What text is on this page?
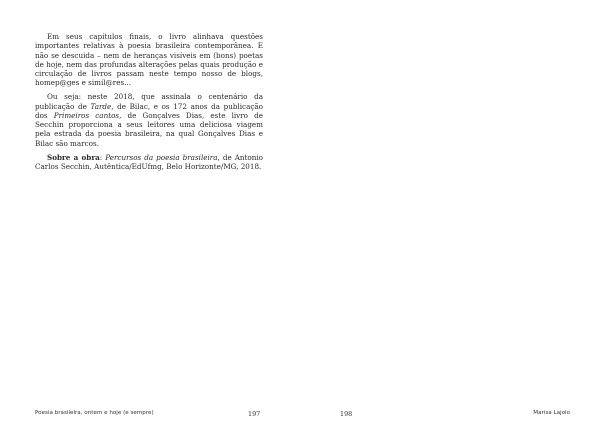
Em seus capítulos finais, o livro alinhava questões importantes relativas à poesia brasileira contemporânea. E não se descuida – nem de heranças visíveis em (bons) poetas de hoje, nem das profundas alterações pelas quais produção e circulação de livros passam neste tempo nosso de blogs, homep@ges e simil@res...

Ou seja: neste 2018, que assinala o centenário da publicação de Tarde, de Bilac, e os 172 anos da publicação dos Primeiros cantos, de Gonçalves Dias, este livro de Secchin proporciona a seus leitores uma deliciosa viagem pela estrada da poesia brasileira, na qual Gonçalves Dias e Bilac são marcos.

Sobre a obra: Percursos da poesia brasileira, de Antonio Carlos Secchin, Autêntica/EdUfmg, Belo Horizonte/MG, 2018.

Poesia brasileira, ontem e hoje (e sempre)	197	198	Marisa Lajolo
